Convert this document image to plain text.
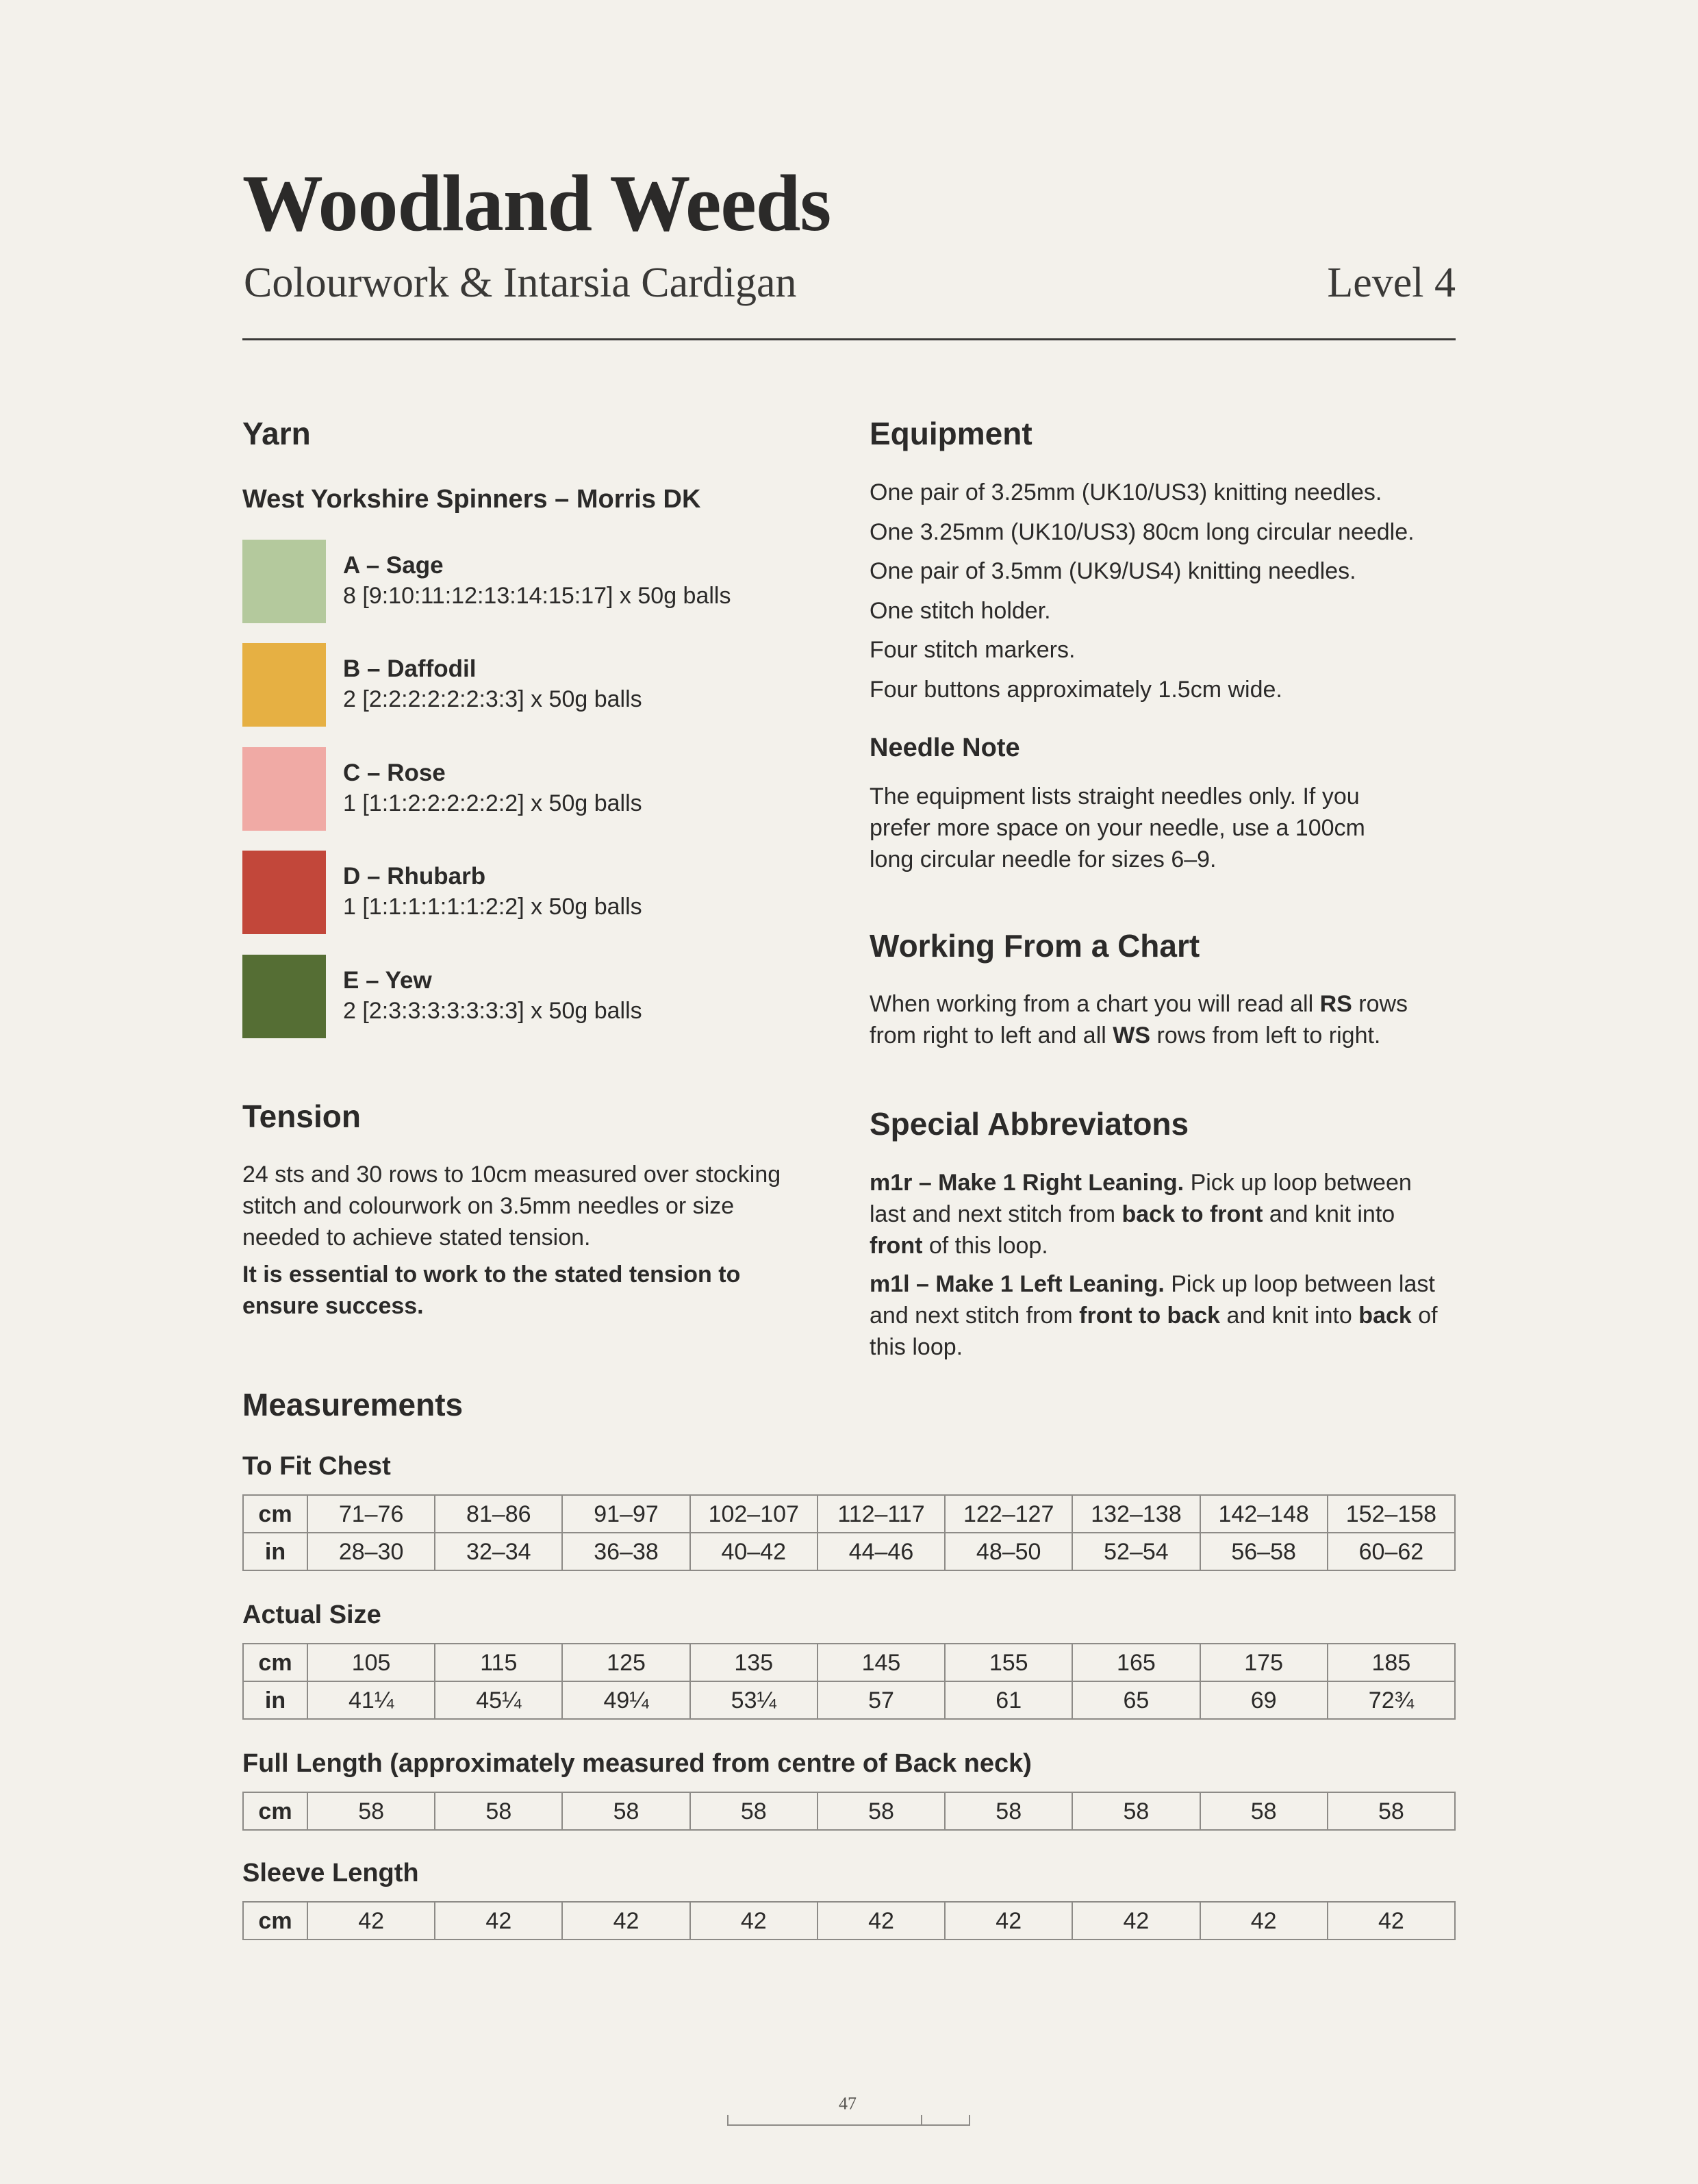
Woodland Weeds
Colourwork & Intarsia Cardigan	Level 4
Yarn
West Yorkshire Spinners – Morris DK
A – Sage
8 [9:10:11:12:13:14:15:17] x 50g balls
B – Daffodil
2 [2:2:2:2:2:2:3:3] x 50g balls
C – Rose
1 [1:1:2:2:2:2:2:2] x 50g balls
D – Rhubarb
1 [1:1:1:1:1:1:2:2] x 50g balls
E – Yew
2 [2:3:3:3:3:3:3:3] x 50g balls
Tension

24 sts and 30 rows to 10cm measured over stocking stitch and colourwork on 3.5mm needles or size needed to achieve stated tension.

It is essential to work to the stated tension to ensure success.

Equipment

One pair of 3.25mm (UK10/US3) knitting needles.

One 3.25mm (UK10/US3) 80cm long circular needle.

One pair of 3.5mm (UK9/US4) knitting needles.

One stitch holder.

Four stitch markers.

Four buttons approximately 1.5cm wide.

Needle Note

The equipment lists straight needles only. If you prefer more space on your needle, use a 100cm long circular needle for sizes 6–9.

Working From a Chart

When working from a chart you will read all RS rows from right to left and all WS rows from left to right.

Special Abbreviatons

m1r – Make 1 Right Leaning. Pick up loop between last and next stitch from back to front and knit into front of this loop.

m1l – Make 1 Left Leaning. Pick up loop between last and next stitch from front to back and knit into back of this loop.

Measurements
To Fit Chest
cm	71–76	81–86	91–97	102–107	112–117	122–127	132–138	142–148	152–158
in	28–30	32–34	36–38	40–42	44–46	48–50	52–54	56–58	60–62
Actual Size
cm	105	115	125	135	145	155	165	175	185
in	41¼	45¼	49¼	53¼	57	61	65	69	72¾
Full Length (approximately measured from centre of Back neck)
cm	58	58	58	58	58	58	58	58	58
Sleeve Length
cm	42	42	42	42	42	42	42	42	42
47
